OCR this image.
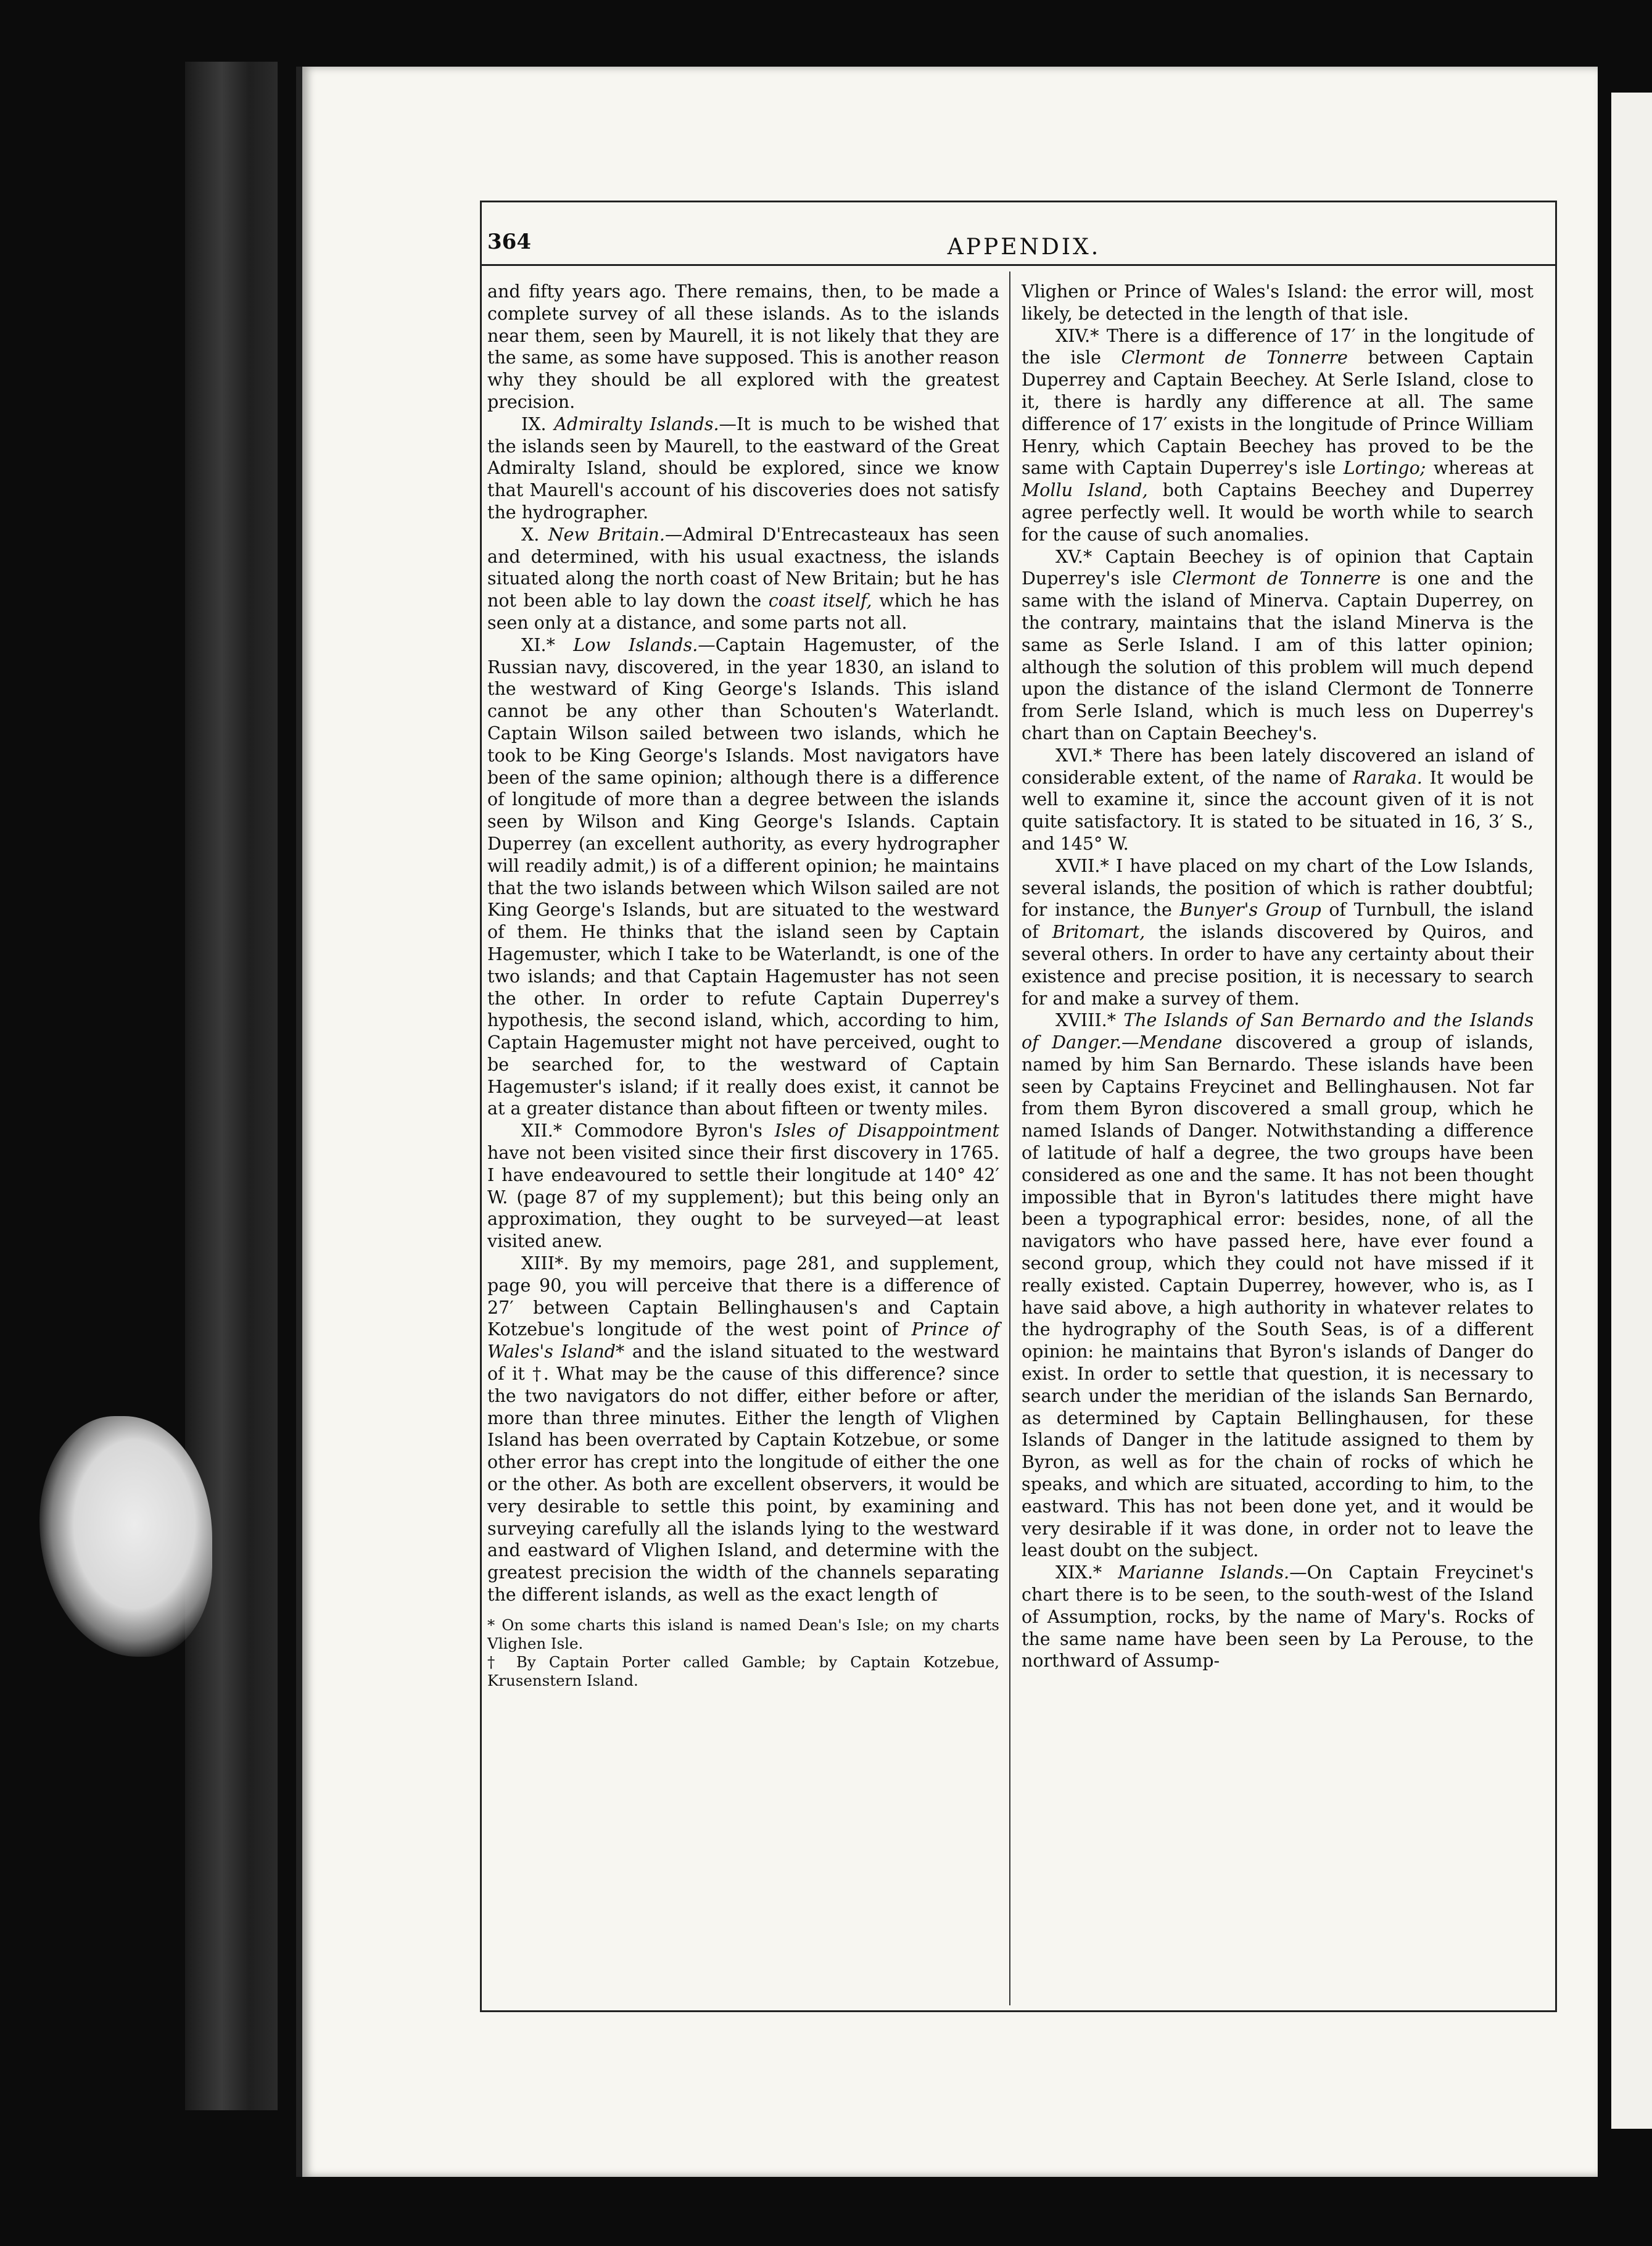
364	APPENDIX.

and fifty years ago. There remains, then, to be made a complete survey of all these islands. As to the islands near them, seen by Maurell, it is not likely that they are the same, as some have supposed. This is another reason why they should be all explored with the greatest precision.

IX. Admiralty Islands.—It is much to be wished that the islands seen by Maurell, to the eastward of the Great Admiralty Island, should be explored, since we know that Maurell's account of his discoveries does not satisfy the hydrographer.

X. New Britain.—Admiral D'Entrecasteaux has seen and determined, with his usual exactness, the islands situated along the north coast of New Britain; but he has not been able to lay down the coast itself, which he has seen only at a distance, and some parts not all.

XI.* Low Islands.—Captain Hagemuster, of the Russian navy, discovered, in the year 1830, an island to the westward of King George's Islands. This island cannot be any other than Schouten's Waterlandt. Captain Wilson sailed between two islands, which he took to be King George's Islands. Most navigators have been of the same opinion; although there is a difference of longitude of more than a degree between the islands seen by Wilson and King George's Islands. Captain Duperrey (an excellent authority, as every hydrographer will readily admit,) is of a different opinion; he maintains that the two islands between which Wilson sailed are not King George's Islands, but are situated to the westward of them. He thinks that the island seen by Captain Hagemuster, which I take to be Waterlandt, is one of the two islands; and that Captain Hagemuster has not seen the other. In order to refute Captain Duperrey's hypothesis, the second island, which, according to him, Captain Hagemuster might not have perceived, ought to be searched for, to the westward of Captain Hagemuster's island; if it really does exist, it cannot be at a greater distance than about fifteen or twenty miles.

XII.* Commodore Byron's Isles of Disappointment have not been visited since their first discovery in 1765. I have endeavoured to settle their longitude at 140° 42′ W. (page 87 of my supplement); but this being only an approximation, they ought to be surveyed—at least visited anew.

XIII*. By my memoirs, page 281, and supplement, page 90, you will perceive that there is a difference of 27′ between Captain Bellinghausen's and Captain Kotzebue's longitude of the west point of Prince of Wales's Island* and the island situated to the westward of it †. What may be the cause of this difference? since the two navigators do not differ, either before or after, more than three minutes. Either the length of Vlighen Island has been overrated by Captain Kotzebue, or some other error has crept into the longitude of either the one or the other. As both are excellent observers, it would be very desirable to settle this point, by examining and surveying carefully all the islands lying to the westward and eastward of Vlighen Island, and determine with the greatest precision the width of the channels separating the different islands, as well as the exact length of

* On some charts this island is named Dean's Isle; on my charts Vlighen Isle.

† By Captain Porter called Gamble; by Captain Kotzebue, Krusenstern Island.

Vlighen or Prince of Wales's Island: the error will, most likely, be detected in the length of that isle.

XIV.* There is a difference of 17′ in the longitude of the isle Clermont de Tonnerre between Captain Duperrey and Captain Beechey. At Serle Island, close to it, there is hardly any difference at all. The same difference of 17′ exists in the longitude of Prince William Henry, which Captain Beechey has proved to be the same with Captain Duperrey's isle Lortingo; whereas at Mollu Island, both Captains Beechey and Duperrey agree perfectly well. It would be worth while to search for the cause of such anomalies.

XV.* Captain Beechey is of opinion that Captain Duperrey's isle Clermont de Tonnerre is one and the same with the island of Minerva. Captain Duperrey, on the contrary, maintains that the island Minerva is the same as Serle Island. I am of this latter opinion; although the solution of this problem will much depend upon the distance of the island Clermont de Tonnerre from Serle Island, which is much less on Duperrey's chart than on Captain Beechey's.

XVI.* There has been lately discovered an island of considerable extent, of the name of Raraka. It would be well to examine it, since the account given of it is not quite satisfactory. It is stated to be situated in 16, 3′ S., and 145° W.

XVII.* I have placed on my chart of the Low Islands, several islands, the position of which is rather doubtful; for instance, the Bunyer's Group of Turnbull, the island of Britomart, the islands discovered by Quiros, and several others. In order to have any certainty about their existence and precise position, it is necessary to search for and make a survey of them.

XVIII.* The Islands of San Bernardo and the Islands of Danger.—Mendane discovered a group of islands, named by him San Bernardo. These islands have been seen by Captains Freycinet and Bellinghausen. Not far from them Byron discovered a small group, which he named Islands of Danger. Notwithstanding a difference of latitude of half a degree, the two groups have been considered as one and the same. It has not been thought impossible that in Byron's latitudes there might have been a typographical error: besides, none, of all the navigators who have passed here, have ever found a second group, which they could not have missed if it really existed. Captain Duperrey, however, who is, as I have said above, a high authority in whatever relates to the hydrography of the South Seas, is of a different opinion: he maintains that Byron's islands of Danger do exist. In order to settle that question, it is necessary to search under the meridian of the islands San Bernardo, as determined by Captain Bellinghausen, for these Islands of Danger in the latitude assigned to them by Byron, as well as for the chain of rocks of which he speaks, and which are situated, according to him, to the eastward. This has not been done yet, and it would be very desirable if it was done, in order not to leave the least doubt on the subject.

XIX.* Marianne Islands.—On Captain Freycinet's chart there is to be seen, to the south-west of the Island of Assumption, rocks, by the name of Mary's. Rocks of the same name have been seen by La Perouse, to the northward of Assump-
